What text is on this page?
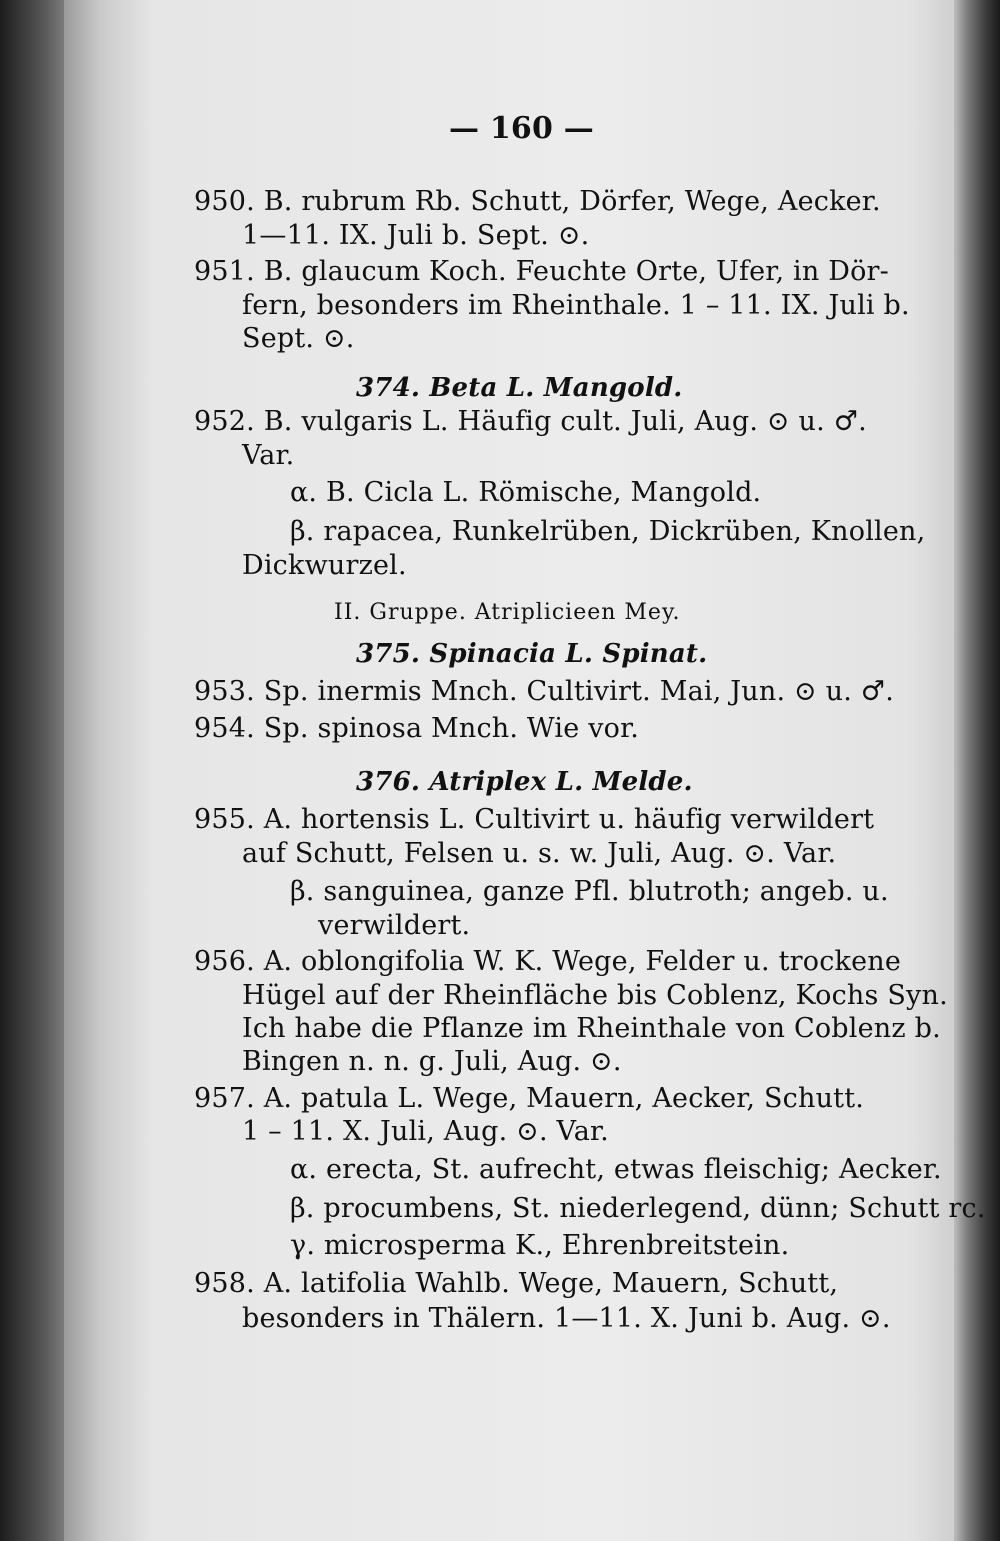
— 160 —
950. B. rubrum Rb. Schutt, Dörfer, Wege, Aecker.
1—11. IX. Juli b. Sept. ⊙.
951. B. glaucum Koch. Feuchte Orte, Ufer, in Dör-
fern, besonders im Rheinthale. 1 – 11. IX. Juli b.
Sept. ⊙.
374. Beta L. Mangold.
952. B. vulgaris L. Häufig cult. Juli, Aug. ⊙ u. ♂.
Var.
α. B. Cicla L. Römische, Mangold.
β. rapacea, Runkelrüben, Dickrüben, Knollen,
Dickwurzel.
II. Gruppe. Atriplicieen Mey.
375. Spinacia L. Spinat.
953. Sp. inermis Mnch. Cultivirt. Mai, Jun. ⊙ u. ♂.
954. Sp. spinosa Mnch. Wie vor.
376. Atriplex L. Melde.
955. A. hortensis L. Cultivirt u. häufig verwildert
auf Schutt, Felsen u. s. w. Juli, Aug. ⊙. Var.
β. sanguinea, ganze Pfl. blutroth; angeb. u.
verwildert.
956. A. oblongifolia W. K. Wege, Felder u. trockene
Hügel auf der Rheinfläche bis Coblenz, Kochs Syn.
Ich habe die Pflanze im Rheinthale von Coblenz b.
Bingen n. n. g. Juli, Aug. ⊙.
957. A. patula L. Wege, Mauern, Aecker, Schutt.
1 – 11. X. Juli, Aug. ⊙. Var.
α. erecta, St. aufrecht, etwas fleischig; Aecker.
β. procumbens, St. niederlegend, dünn; Schutt rc.
γ. microsperma K., Ehrenbreitstein.
958. A. latifolia Wahlb. Wege, Mauern, Schutt,
besonders in Thälern. 1—11. X. Juni b. Aug. ⊙.
